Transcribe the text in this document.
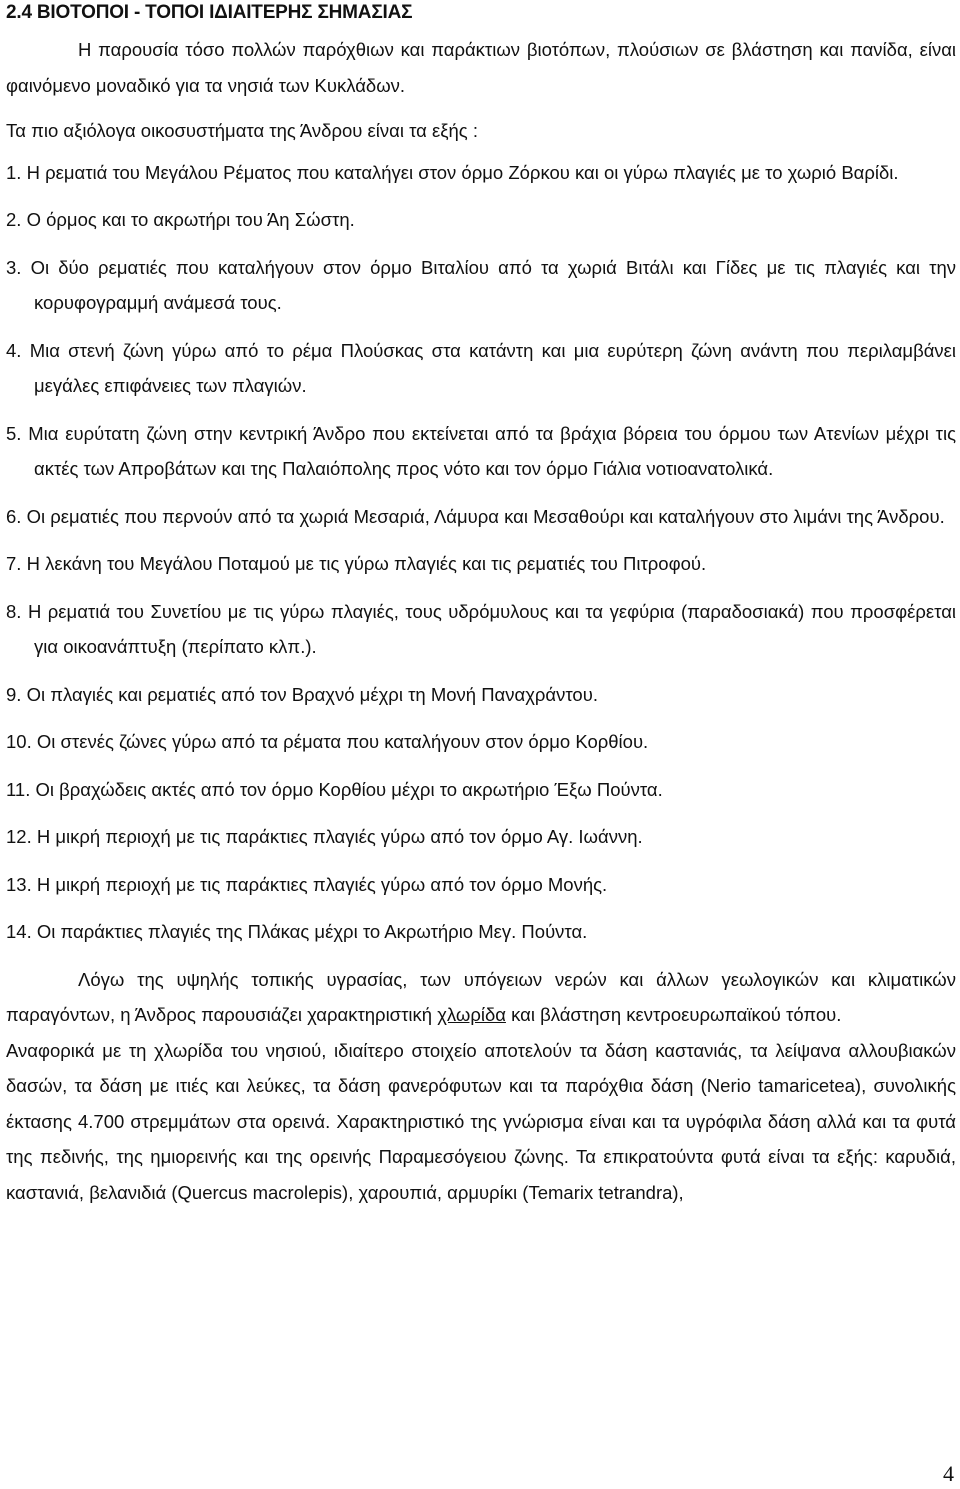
2.4 ΒΙΟΤΟΠΟΙ - ΤΟΠΟΙ ΙΔΙΑΙΤΕΡΗΣ ΣΗΜΑΣΙΑΣ

Η παρουσία τόσο πολλών παρόχθιων και παράκτιων βιοτόπων, πλούσιων σε βλάστηση και πανίδα, είναι φαινόμενο μοναδικό για τα νησιά των Κυκλάδων.

Τα πιο αξιόλογα οικοσυστήματα της Άνδρου είναι τα εξής :

1. Η ρεματιά του Μεγάλου Ρέματος που καταλήγει στον όρμο Ζόρκου και οι γύρω πλαγιές με το χωριό Βαρίδι.
2. Ο όρμος και το ακρωτήρι του Άη Σώστη.
3. Οι δύο ρεματιές που καταλήγουν στον όρμο Βιταλίου από τα χωριά Βιτάλι και Γίδες με τις πλαγιές και την κορυφογραμμή ανάμεσά τους.
4. Μια στενή ζώνη γύρω από το ρέμα Πλούσκας στα κατάντη και μια ευρύτερη ζώνη ανάντη που περιλαμβάνει μεγάλες επιφάνειες των πλαγιών.
5. Μια ευρύτατη ζώνη στην κεντρική Άνδρο που εκτείνεται από τα βράχια βόρεια του όρμου των Ατενίων μέχρι τις ακτές των Απροβάτων και της Παλαιόπολης προς νότο και τον όρμο Γιάλια νοτιοανατολικά.
6. Οι ρεματιές που περνούν από τα χωριά Μεσαριά, Λάμυρα και Μεσαθούρι και καταλήγουν στο λιμάνι της Άνδρου.
7. Η λεκάνη του Μεγάλου Ποταμού με τις γύρω πλαγιές και τις ρεματιές του Πιτροφού.
8. Η ρεματιά του Συνετίου με τις γύρω πλαγιές, τους υδρόμυλους και τα γεφύρια (παραδοσιακά) που προσφέρεται για οικοανάπτυξη (περίπατο κλπ.).
9. Οι πλαγιές και ρεματιές από τον Βραχνό μέχρι τη Μονή Παναχράντου.
10. Οι στενές ζώνες γύρω από τα ρέματα που καταλήγουν στον όρμο Κορθίου.
11. Οι βραχώδεις ακτές από τον όρμο Κορθίου μέχρι το ακρωτήριο Έξω Πούντα.
12. Η μικρή περιοχή με τις παράκτιες πλαγιές γύρω από τον όρμο Αγ. Ιωάννη.
13. Η μικρή περιοχή με τις παράκτιες πλαγιές γύρω από τον όρμο Μονής.
14. Οι παράκτιες πλαγιές της Πλάκας μέχρι το Ακρωτήριο Μεγ. Πούντα.

Λόγω της υψηλής τοπικής υγρασίας, των υπόγειων νερών και άλλων γεωλογικών και κλιματικών παραγόντων, η Άνδρος παρουσιάζει χαρακτηριστική χλωρίδα και βλάστηση κεντροευρωπαϊκού τόπου.

Αναφορικά με τη χλωρίδα του νησιού, ιδιαίτερο στοιχείο αποτελούν τα δάση καστανιάς, τα λείψανα αλλουβιακών δασών, τα δάση με ιτιές και λεύκες, τα δάση φανερόφυτων και τα παρόχθια δάση (Nerio tamaricetea), συνολικής έκτασης 4.700 στρεμμάτων στα ορεινά. Χαρακτηριστικό της γνώρισμα είναι και τα υγρόφιλα δάση αλλά και τα φυτά της πεδινής, της ημιορεινής και της ορεινής Παραμεσόγειου ζώνης. Τα επικρατούντα φυτά είναι τα εξής: καρυδιά, καστανιά, βελανιδιά (Quercus macrolepis), χαρουπιά, αρμυρίκι (Temarix tetrandra),

4
